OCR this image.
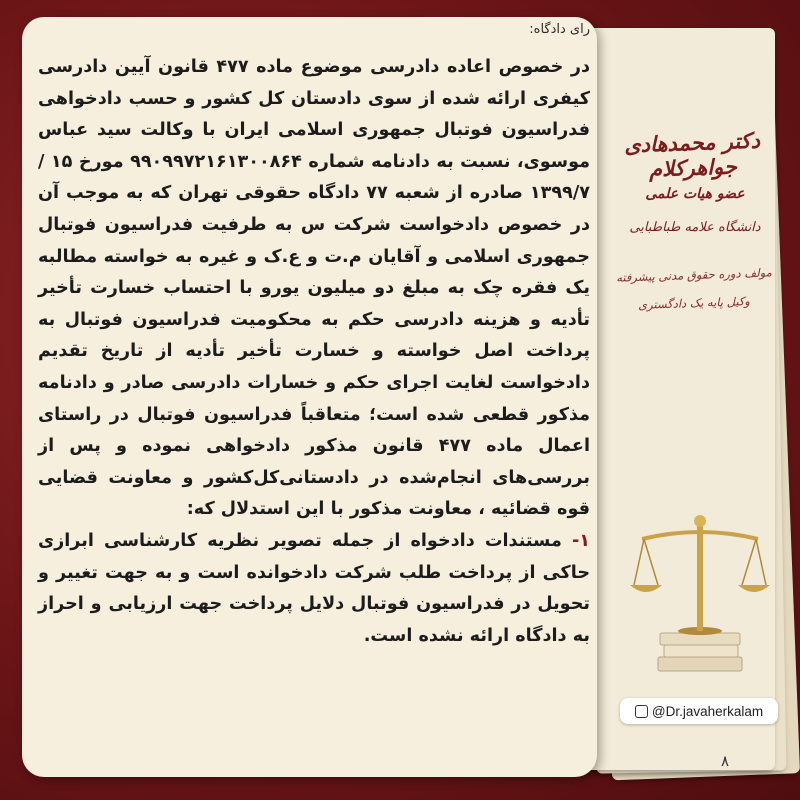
رای دادگاه:

در خصوص اعاده دادرسی موضوع ماده ۴۷۷ قانون آیین دادرسی کیفری ارائه شده از سوی دادستان کل کشور و حسب دادخواهی فدراسیون فوتبال جمهوری اسلامی ایران با وکالت سید عباس موسوی، نسبت به دادنامه شماره ۹۹۰۹۹۷۲۱۶۱۳۰۰۸۶۴ مورخ ۱۵ /۱۳۹۹/۷ صادره از شعبه ۷۷ دادگاه حقوقی تهران که به موجب آن در خصوص دادخواست شرکت س به طرفیت فدراسیون فوتبال جمهوری اسلامی و آقایان م.ت و ع.ک و غیره به خواسته مطالبه یک فقره چک به مبلغ دو میلیون یورو با احتساب خسارت تأخیر تأدیه و هزینه دادرسی حکم به محکومیت فدراسیون فوتبال به پرداخت اصل خواسته و خسارت تأخیر تأدیه از تاریخ تقدیم دادخواست لغایت اجرای حکم و خسارات دادرسی صادر و دادنامه مذکور قطعی شده است؛ متعاقباً فدراسیون فوتبال در راستای اعمال ماده ۴۷۷ قانون مذکور دادخواهی نموده و پس از بررسی‌های انجام‌شده در دادستانی‌کل‌کشور و معاونت قضایی قوه قضائیه ، معاونت مذکور با این استدلال که:

۱- مستندات دادخواه از جمله تصویر نظریه کارشناسی ابرازی حاکی از پرداخت طلب شرکت دادخوانده است و به جهت تغییر و تحویل در فدراسیون فوتبال دلایل پرداخت جهت ارزیابی و احراز به دادگاه ارائه نشده است.

دکتر محمدهادی جواهرکلام
عضو هیات علمی
دانشگاه علامه طباطبایی
مولف دوره حقوق مدنی پیشرفته
وکیل پایه یک دادگستری
@Dr.javaherkalam
۸
